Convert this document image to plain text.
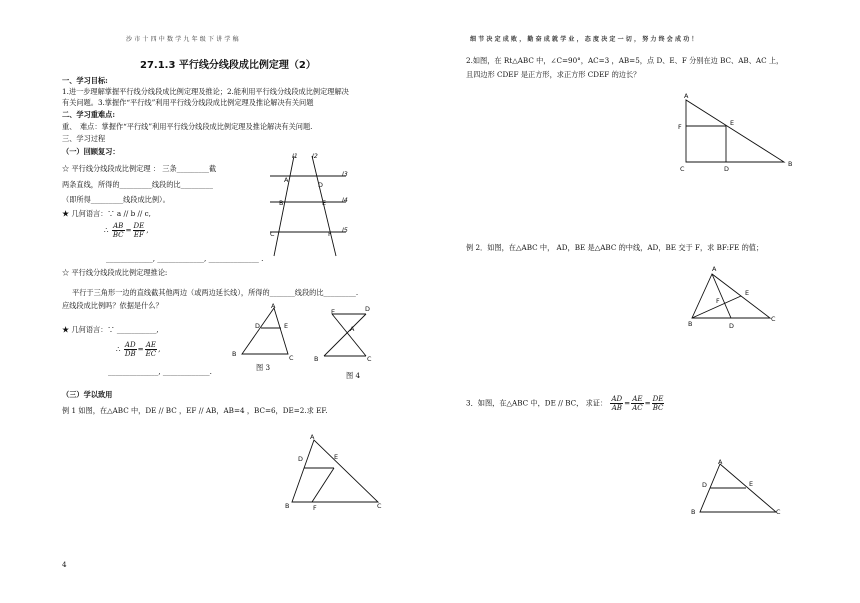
沙市十四中数学九年级下讲学稿
27.1.3 平行线分线段成比例定理（2）
一、学习目标:
1.进一步理解掌握平行线分线段成比例定理及推论；2.能利用平行线分线段成比例定理解决
有关问题。3.掌握作“平行线”利用平行线分线段成比例定理及推论解决有关问题
二、学习重难点:
重、　难点：掌握作“平行线”利用平行线分线段成比例定理及推论解决有关问题.
三、学习过程
（一）回顾复习：
☆ 平行线分线段成比例定理 ： 三条_________截
两条直线，所得的_________线段的比_________
（即所得_________线段成比例）。
★ 几何语言：∵ a // b // c,
∴ $\frac{AB}{BC} = \frac{DE}{EF}$ ,
_____________, _____________, ______________ .
l1 l2
l3
l4
l5
A
D
B	E
C	F
☆ 平行线分线段成比例定理推论:
平行于三角形一边的直线截其他两边（或两边延长线），所得的_______线段的比_________.
应线段成比例吗？依据是什么？
★ 几何语言：∵ ___________,
∴ $\frac{AD}{DB} = \frac{AE}{EC}$ ,
______________, _____________.
A
D	E
B	C
图 3
E	D
A
B	C
图 4
（三）学以致用
例 1 如图，在△ABC 中，DE // BC ，EF // AB，AB=4 ，BC=6，DE=2.求 EF.
A
D	E
B	F	C
4
细节决定成败，勤奋成就学业，态度决定一切，努力终会成功！
2.如图，在 Rt△ABC 中，∠C=90°，AC=3 ，AB=5，点 D、E、F 分别在边 BC、AB、AC 上，
且四边形 CDEF 是正方形，求正方形 CDEF 的边长？
A
F	E
C	D
B
例 2．如图，在△ABC 中， AD，BE 是△ABC 的中线，AD，BE 交于 F，求 BF:FE 的值；
A
F
E
B	D
C
3．如图，在△ABC 中，DE // BC， 求证： $\frac{AD}{AB} = \frac{AE}{AC} = \frac{DE}{BC}$
A
D	E
B	C
